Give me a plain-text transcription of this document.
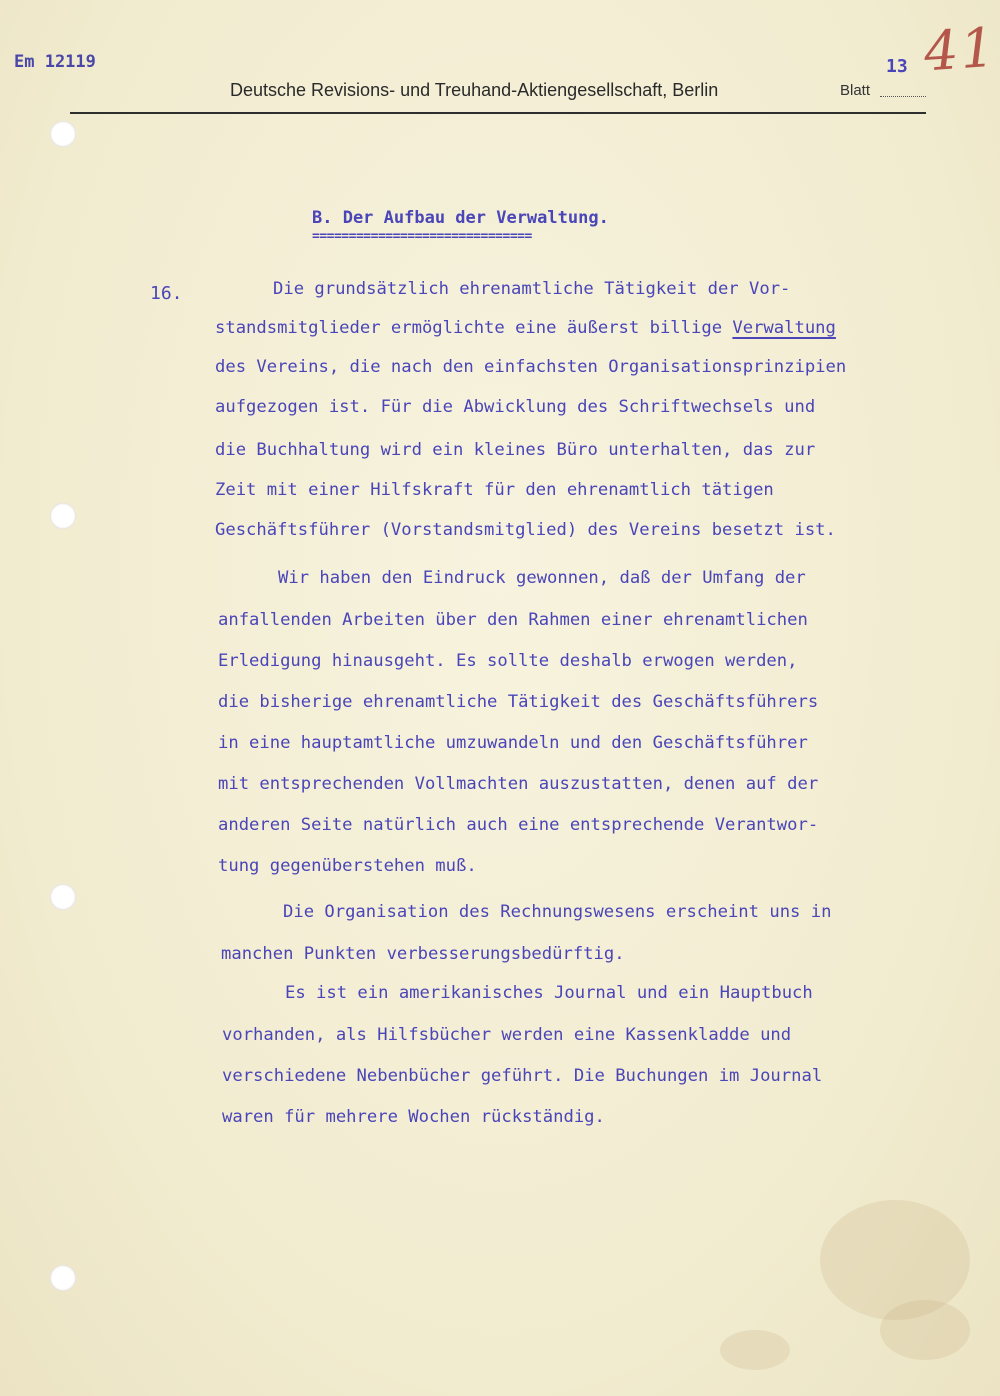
Em 12119
Deutsche Revisions- und Treuhand-Aktiengesellschaft, Berlin
13 41
Blatt
B. Der Aufbau der Verwaltung.
==============================
16.	Die grundsätzlich ehrenamtliche Tätigkeit der Vor-
standsmitglieder ermöglichte eine äußerst billige Verwaltung
des Vereins, die nach den einfachsten Organisationsprinzipien
aufgezogen ist. Für die Abwicklung des Schriftwechsels und
die Buchhaltung wird ein kleines Büro unterhalten, das zur
Zeit mit einer Hilfskraft für den ehrenamtlich tätigen
Geschäftsführer (Vorstandsmitglied) des Vereins besetzt ist.
Wir haben den Eindruck gewonnen, daß der Umfang der
anfallenden Arbeiten über den Rahmen einer ehrenamtlichen
Erledigung hinausgeht. Es sollte deshalb erwogen werden,
die bisherige ehrenamtliche Tätigkeit des Geschäftsführers
in eine hauptamtliche umzuwandeln und den Geschäftsführer
mit entsprechenden Vollmachten auszustatten, denen auf der
anderen Seite natürlich auch eine entsprechende Verantwor-
tung gegenüberstehen muß.
Die Organisation des Rechnungswesens erscheint uns in
manchen Punkten verbesserungsbedürftig.
Es ist ein amerikanisches Journal und ein Hauptbuch
vorhanden, als Hilfsbücher werden eine Kassenkladde und
verschiedene Nebenbücher geführt. Die Buchungen im Journal
waren für mehrere Wochen rückständig.
